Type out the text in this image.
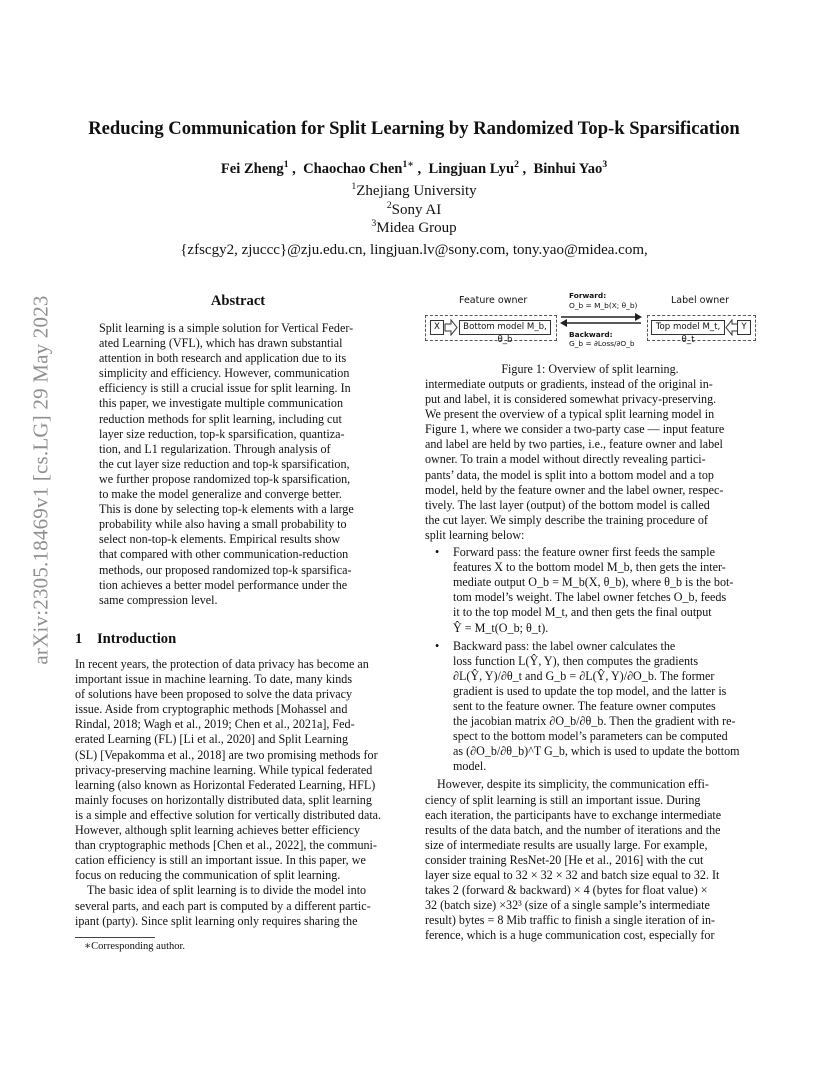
arXiv:2305.18469v1 [cs.LG] 29 May 2023
Reducing Communication for Split Learning by Randomized Top-k Sparsification
Fei Zheng$^1$ ,  Chaochao Chen$^{1∗}$ ,  Lingjuan Lyu$^2$ ,  Binhui Yao$^3$
$^1$Zhejiang University
$^2$Sony AI
$^3$Midea Group
{zfscgy2, zjuccc}@zju.edu.cn, lingjuan.lv@sony.com, tony.yao@midea.com,
Abstract
Split learning is a simple solution for Vertical Feder-
ated Learning (VFL), which has drawn substantial
attention in both research and application due to its
simplicity and efficiency. However, communication
efficiency is still a crucial issue for split learning. In
this paper, we investigate multiple communication
reduction methods for split learning, including cut
layer size reduction, top-k sparsification, quantiza-
tion, and L1 regularization. Through analysis of
the cut layer size reduction and top-k sparsification,
we further propose randomized top-k sparsification,
to make the model generalize and converge better.
This is done by selecting top-k elements with a large
probability while also having a small probability to
select non-top-k elements. Empirical results show
that compared with other communication-reduction
methods, our proposed randomized top-k sparsifica-
tion achieves a better model performance under the
same compression level.
1 Introduction
In recent years, the protection of data privacy has become an
important issue in machine learning. To date, many kinds
of solutions have been proposed to solve the data privacy
issue. Aside from cryptographic methods [Mohassel and
Rindal, 2018; Wagh et al., 2019; Chen et al., 2021a], Fed-
erated Learning (FL) [Li et al., 2020] and Split Learning
(SL) [Vepakomma et al., 2018] are two promising methods for
privacy-preserving machine learning. While typical federated
learning (also known as Horizontal Federated Learning, HFL)
mainly focuses on horizontally distributed data, split learning
is a simple and effective solution for vertically distributed data.
However, although split learning achieves better efficiency
than cryptographic methods [Chen et al., 2022], the communi-
cation efficiency is still an important issue. In this paper, we
focus on reducing the communication of split learning.
The basic idea of split learning is to divide the model into
several parts, and each part is computed by a different partic-
ipant (party). Since split learning only requires sharing the
∗Corresponding author.
Feature owner	Label owner
Forward:
O_b = M_b(X; θ_b)
X	Bottom model M_b, θ_b
Top model M_t, θ_t
Y
Backward:
G_b = ∂Loss/∂O_b
Figure 1: Overview of split learning.
intermediate outputs or gradients, instead of the original in-
put and label, it is considered somewhat privacy-preserving.
We present the overview of a typical split learning model in
Figure 1, where we consider a two-party case — input feature
and label are held by two parties, i.e., feature owner and label
owner. To train a model without directly revealing partici-
pants’ data, the model is split into a bottom model and a top
model, held by the feature owner and the label owner, respec-
tively. The last layer (output) of the bottom model is called
the cut layer. We simply describe the training procedure of
split learning below:
• Forward pass: the feature owner first feeds the sample
features X to the bottom model M_b, then gets the inter-
mediate output O_b = M_b(X, θ_b), where θ_b is the bot-
tom model’s weight. The label owner fetches O_b, feeds
it to the top model M_t, and then gets the final output
Ŷ = M_t(O_b; θ_t).
• Backward pass: the label owner calculates the
loss function L(Ŷ, Y), then computes the gradients
∂L(Ŷ, Y)/∂θ_t and G_b = ∂L(Ŷ, Y)/∂O_b. The former
gradient is used to update the top model, and the latter is
sent to the feature owner. The feature owner computes
the jacobian matrix ∂O_b/∂θ_b. Then the gradient with re-
spect to the bottom model’s parameters can be computed
as (∂O_b/∂θ_b)^T G_b, which is used to update the bottom
model.
However, despite its simplicity, the communication effi-
ciency of split learning is still an important issue. During
each iteration, the participants have to exchange intermediate
results of the data batch, and the number of iterations and the
size of intermediate results are usually large. For example,
consider training ResNet-20 [He et al., 2016] with the cut
layer size equal to 32 × 32 × 32 and batch size equal to 32. It
takes 2 (forward & backward) × 4 (bytes for float value) ×
32 (batch size) ×32³ (size of a single sample’s intermediate
result) bytes = 8 Mib traffic to finish a single iteration of in-
ference, which is a huge communication cost, especially for
